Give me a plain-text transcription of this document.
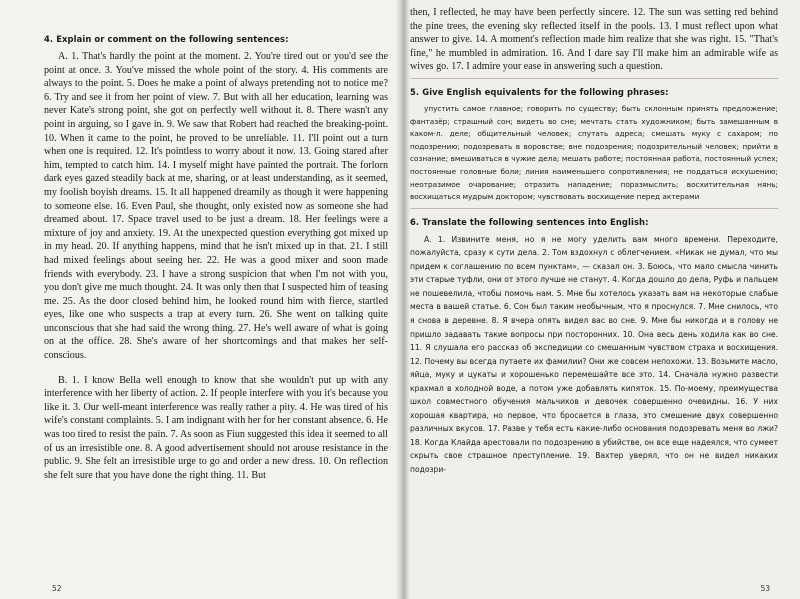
4. Explain or comment on the following sentences:

A. 1. That's hardly the point at the moment. 2. You're tired out or you'd see the point at once. 3. You've missed the whole point of the story. 4. His comments are always to the point. 5. Does he make a point of always pretending not to notice me? 6. Try and see it from her point of view. 7. But with all her education, learning was never Kate's strong point, she got on perfectly well without it. 8. There wasn't any point in arguing, so I gave in. 9. We saw that Robert had reached the breaking-point. 10. When it came to the point, he proved to be unreliable. 11. I'll point out a turn when one is required. 12. It's pointless to worry about it now. 13. Going stared after him, tempted to catch him. 14. I myself might have painted the portrait. The forlorn dark eyes gazed steadily back at me, sharing, or at least understanding, as it seemed, my foolish boyish dreams. 15. It all happened dreamily as though it were happening to someone else. 16. Even Paul, she thought, only existed now as someone she had dreamed about. 17. Space travel used to be just a dream. 18. Her feelings were a mixture of joy and anxiety. 19. At the unexpected question everything got mixed up in my head. 20. If anything happens, mind that he isn't mixed up in that. 21. I still had mixed feelings about seeing her. 22. He was a good mixer and soon made friends with everybody. 23. I have a strong suspicion that when I'm not with you, you don't give me much thought. 24. It was only then that I suspected him of teasing me. 25. As the door closed behind him, he looked round him with fierce, startled eyes, like one who suspects a trap at every turn. 26. She went on talking quite unconscious that she had said the wrong thing. 27. He's well aware of what is going on at the office. 28. She's aware of her shortcomings and that makes her self-conscious.

B. 1. I know Bella well enough to know that she wouldn't put up with any interference with her liberty of action. 2. If people interfere with you it's because you like it. 3. Our well-meant interference was really rather a pity. 4. He was tired of his wife's constant complaints. 5. I am indignant with her for her constant absence. 6. He was too tired to resist the pain. 7. As soon as Fiun suggested this idea it seemed to all of us an irresistible one. 8. A good advertisement should not arouse resistance in the public. 9. She felt an irresistible urge to go and order a new dress. 10. On reflection she felt sure that you have done the right thing. 11. But

52

then, I reflected, he may have been perfectly sincere. 12. The sun was setting red behind the pine trees, the evening sky reflected itself in the pools. 13. I must reflect upon what answer to give. 14. A moment's reflection made him realize that she was right. 15. "That's fine," he mumbled in admiration. 16. And I dare say I'll make him an admirable wife as wives go. 17. I admire your ease in answering such a question.

5. Give English equivalents for the following phrases:

упустить самое главное; говорить по существу; быть склонным принять предложение; фантазёр; страшный сон; видеть во сне; мечтать стать художником; быть замешанным в каком-л. деле; общительный человек; спутать адреса; смешать муку с сахаром; по подозрению; подозревать в воровстве; вне подозрения; подозрительный человек; прийти в сознание; вмешиваться в чужие дела; мешать работе; постоянная работа, постоянный успех; постоянные головные боли; линия наименьшего сопротивления; не поддаться искушению; неотразимое очарование; отразить нападение; поразмыслить; восхитительная нянь; восхищаться мудрым доктором; чувствовать восхищение перед актерами

6. Translate the following sentences into English:

A. 1. Извините меня, но я не могу уделить вам много времени. Переходите, пожалуйста, сразу к сути дела. 2. Том вздохнул с облегчением. «Никак не думал, что мы придем к соглашению по всем пунктам», — сказал он. 3. Боюсь, что мало смысла чинить эти старые туфли, они от этого лучше не станут. 4. Когда дошло до дела, Руфь и пальцем не пошевелила, чтобы помочь нам. 5. Мне бы хотелось указать вам на некоторые слабые места в вашей статье. 6. Сон был таким необычным, что я проснулся. 7. Мне снилось, что я снова в деревне. 8. Я вчера опять видел вас во сне. 9. Мне бы никогда и в голову не пришло задавать такие вопросы при посторонних. 10. Она весь день ходила как во сне. 11. Я слушала его рассказ об экспедиции со смешанным чувством страха и восхищения. 12. Почему вы всегда путаете их фамилии? Они же совсем непохожи. 13. Возьмите масло, яйца, муку и цукаты и хорошенько перемешайте все это. 14. Сначала нужно развести крахмал в холодной воде, а потом уже добавлять кипяток. 15. По-моему, преимущества школ совместного обучения мальчиков и девочек совершенно очевидны. 16. У них хорошая квартира, но первое, что бросается в глаза, это смешение двух совершенно различных вкусов. 17. Разве у тебя есть какие-либо основания подозревать меня во лжи? 18. Когда Клайда арестовали по подозрению в убийстве, он все еще надеялся, что сумеет скрыть свое страшное преступление. 19. Вахтер уверял, что он не видел никаких подозри-

53
